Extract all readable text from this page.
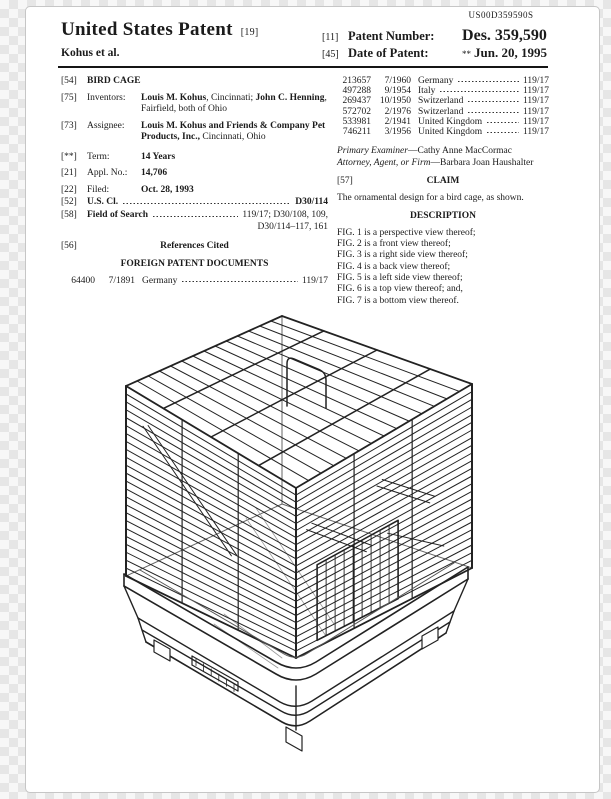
US00D359590S
United States Patent [19]
Kohus et al.
[11] Patent Number:	Des. 359,590
[45] Date of Patent:	** Jun. 20, 1995
[54]	BIRD CAGE
[75]	Inventors:	Louis M. Kohus, Cincinnati; John C. Henning, Fairfield, both of Ohio
[73]	Assignee:	Louis M. Kohus and Friends & Company Pet Products, Inc., Cincinnati, Ohio
[**]	Term:	14 Years
[21]	Appl. No.:	14,706
[22]	Filed:	Oct. 28, 1993
[52]	U.S. Cl.	D30/114
[58]	Field of Search	119/17; D30/108, 109,
D30/114–117, 161
[56]	References Cited
FOREIGN PATENT DOCUMENTS
64400	7/1891 Germany	119/17
213657	7/1960 Germany	119/17
497288	9/1954 Italy	119/17
269437 10/1950 Switzerland	119/17
572702	2/1976 Switzerland	119/17
533981	2/1941 United Kingdom	119/17
746211	3/1956 United Kingdom	119/17
Primary Examiner—Cathy Anne MacCormac
Attorney, Agent, or Firm—Barbara Joan Haushalter
[57]	CLAIM
The ornamental design for a bird cage, as shown.
DESCRIPTION
FIG. 1 is a perspective view thereof;
FIG. 2 is a front view thereof;
FIG. 3 is a right side view thereof;
FIG. 4 is a back view thereof;
FIG. 5 is a left side view thereof;
FIG. 6 is a top view thereof; and,
FIG. 7 is a bottom view thereof.
